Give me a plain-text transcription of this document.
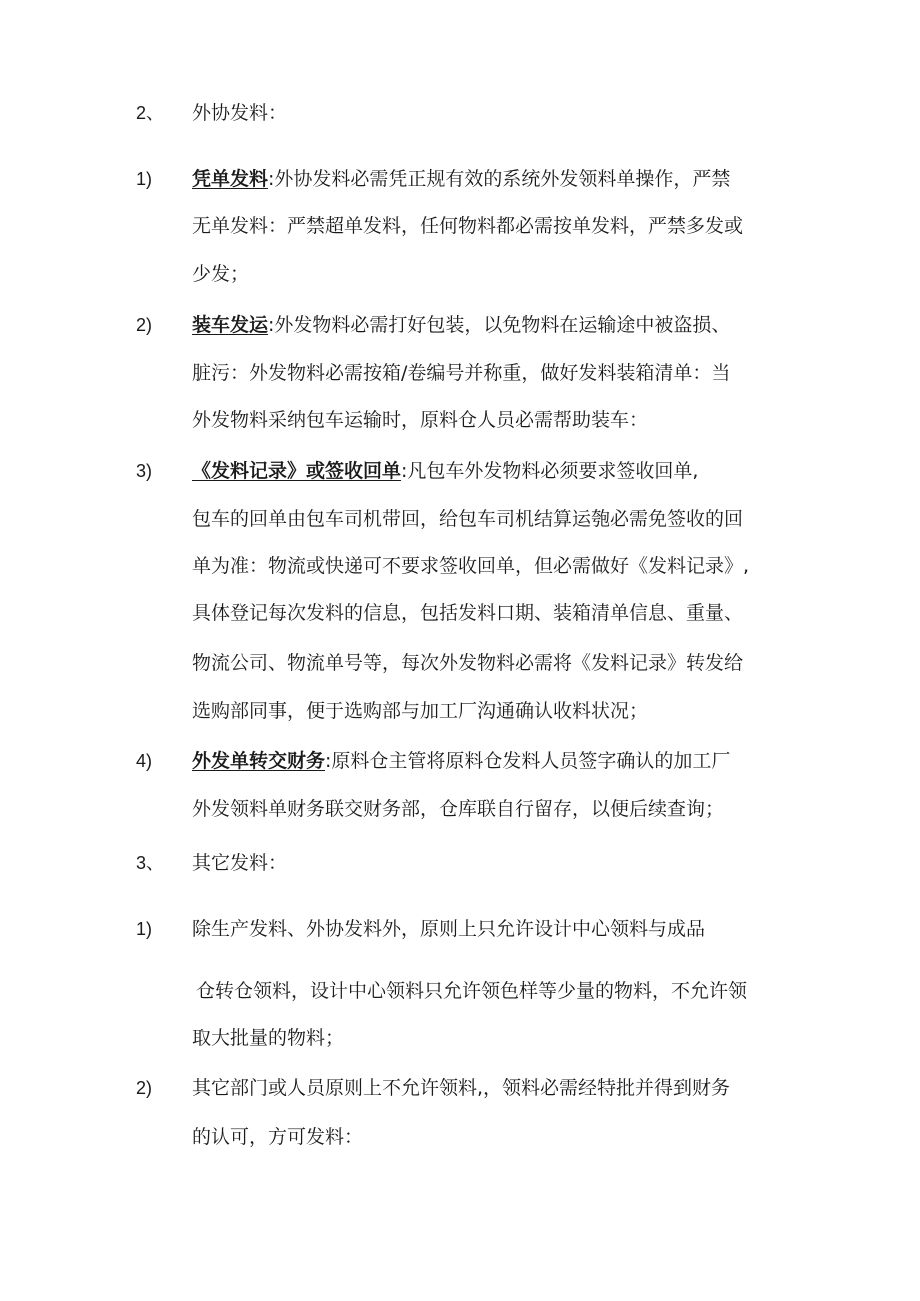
2、 外协发料：
1) 凭单发料:外协发料必需凭正规有效的系统外发领料单操作，严禁
无单发料：严禁超单发料，任何物料都必需按单发料，严禁多发或
少发；
2) 装车发运:外发物料必需打好包装，以免物料在运输途中被盗损、
脏污：外发物料必需按箱/卷编号并称重，做好发料装箱清单：当
外发物料采纳包车运输时，原料仓人员必需帮助装车：
3) 《发料记录》或签收回单:凡包车外发物料必须要求签收回单,
包车的回单由包车司机带回，给包车司机结算运匏必需免签收的回
单为准：物流或快递可不要求签收回单，但必需做好《发料记录》,
具体登记每次发料的信息，包括发料口期、装箱清单信息、重量、
物流公司、物流单号等，每次外发物料必需将《发料记录》转发给
选购部同事，便于选购部与加工厂沟通确认收料状况；
4) 外发单转交财务:原料仓主管将原料仓发料人员签字确认的加工厂
外发领料单财务联交财务部，仓库联自行留存，以便后续查询；
3、 其它发料：
1) 除生产发料、外协发料外，原则上只允许设计中心领料与成品
仓转仓领料，设计中心领料只允许领色样等少量的物料，不允许领
取大批量的物料；
2) 其它部门或人员原则上不允许领料,，领料必需经特批并得到财务
的认可，方可发料：
